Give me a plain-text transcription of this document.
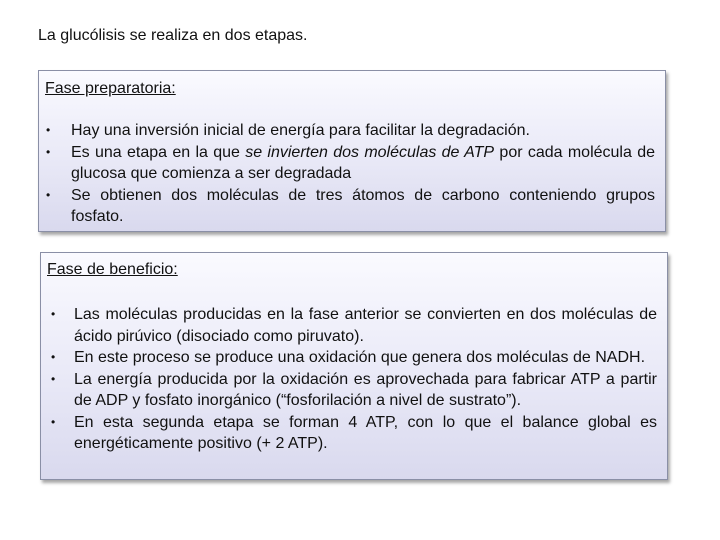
La glucólisis se realiza en dos etapas.
Fase preparatoria:
• Hay una inversión inicial de energía para facilitar la degradación.
• Es una etapa en la que se invierten dos moléculas de ATP por cada molécula de glucosa que comienza a ser degradada
• Se obtienen dos moléculas de tres átomos de carbono conteniendo grupos fosfato.
Fase de beneficio:
• Las moléculas producidas en la fase anterior se convierten en dos moléculas de ácido pirúvico (disociado como piruvato).
• En este proceso se produce una oxidación que genera dos moléculas de NADH.
• La energía producida por la oxidación es aprovechada para fabricar ATP a partir de ADP y fosfato inorgánico (“fosforilación a nivel de sustrato”).
• En esta segunda etapa se forman 4 ATP, con lo que el balance global es energéticamente positivo (+ 2 ATP).
